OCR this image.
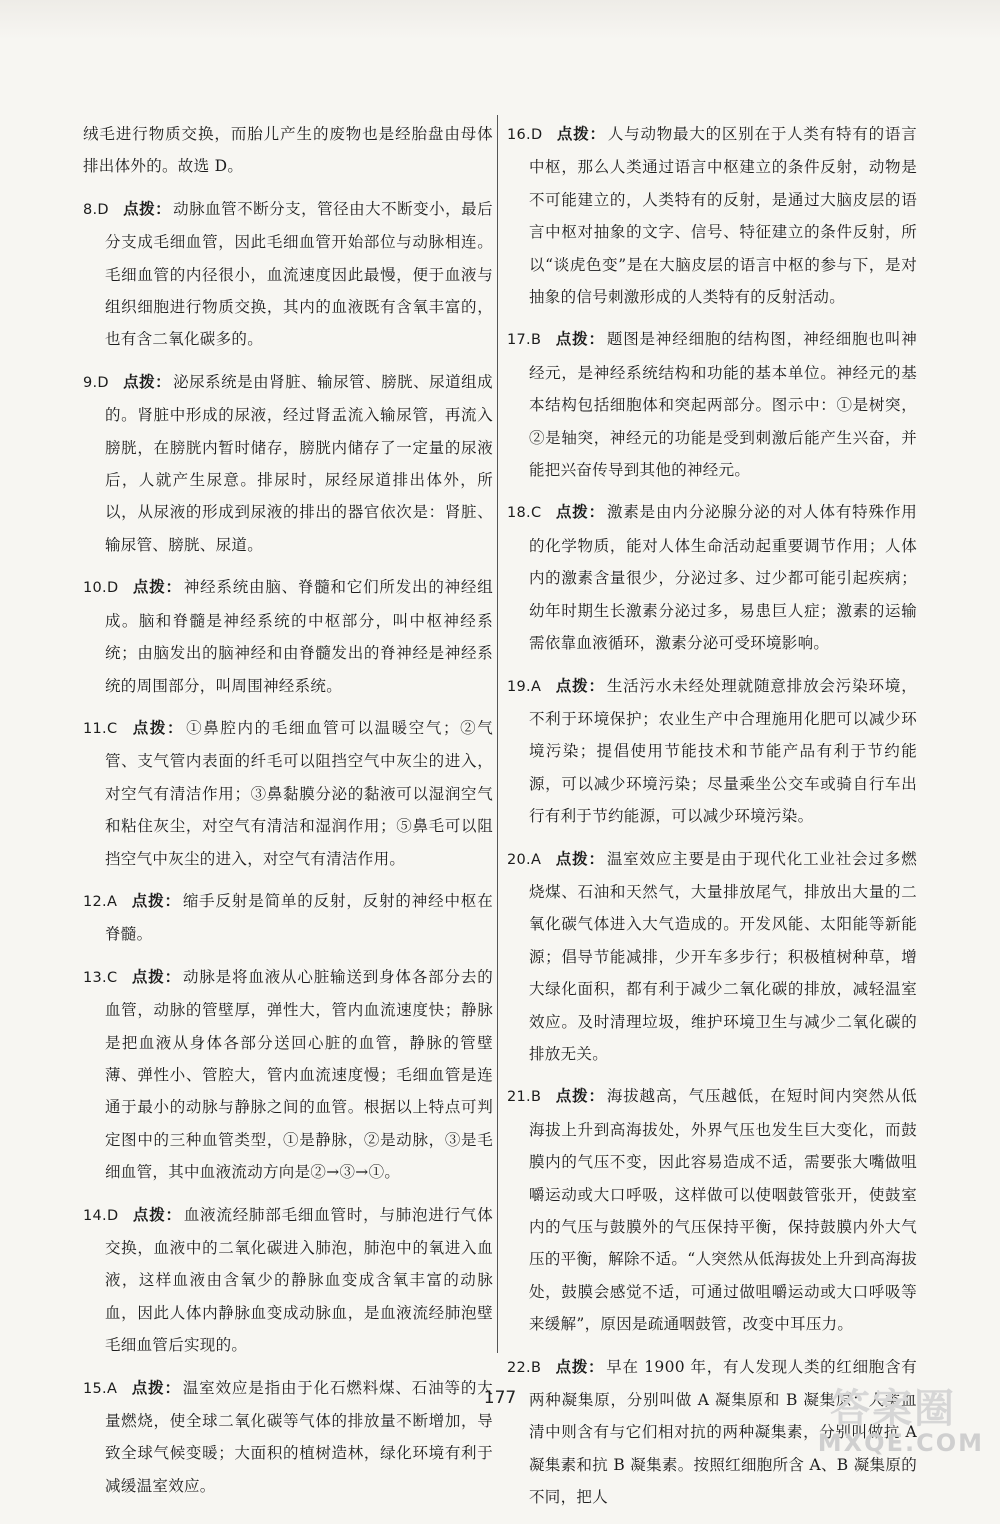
绒毛进行物质交换，而胎儿产生的废物也是经胎盘由母体排出体外的。故选 D。

8.D 点拨： 动脉血管不断分支，管径由大不断变小，最后分支成毛细血管，因此毛细血管开始部位与动脉相连。毛细血管的内径很小，血流速度因此最慢，便于血液与组织细胞进行物质交换，其内的血液既有含氧丰富的，也有含二氧化碳多的。

9.D 点拨： 泌尿系统是由肾脏、输尿管、膀胱、尿道组成的。肾脏中形成的尿液，经过肾盂流入输尿管，再流入膀胱，在膀胱内暂时储存，膀胱内储存了一定量的尿液后，人就产生尿意。排尿时，尿经尿道排出体外，所以，从尿液的形成到尿液的排出的器官依次是：肾脏、输尿管、膀胱、尿道。

10.D 点拨： 神经系统由脑、脊髓和它们所发出的神经组成。脑和脊髓是神经系统的中枢部分，叫中枢神经系统；由脑发出的脑神经和由脊髓发出的脊神经是神经系统的周围部分，叫周围神经系统。

11.C 点拨： ①鼻腔内的毛细血管可以温暖空气；②气管、支气管内表面的纤毛可以阻挡空气中灰尘的进入，对空气有清洁作用；③鼻黏膜分泌的黏液可以湿润空气和粘住灰尘，对空气有清洁和湿润作用；⑤鼻毛可以阻挡空气中灰尘的进入，对空气有清洁作用。

12.A 点拨： 缩手反射是简单的反射，反射的神经中枢在脊髓。

13.C 点拨： 动脉是将血液从心脏输送到身体各部分去的血管，动脉的管壁厚，弹性大，管内血流速度快；静脉是把血液从身体各部分送回心脏的血管，静脉的管壁薄、弹性小、管腔大，管内血流速度慢；毛细血管是连通于最小的动脉与静脉之间的血管。根据以上特点可判定图中的三种血管类型，①是静脉，②是动脉，③是毛细血管，其中血液流动方向是②→③→①。

14.D 点拨： 血液流经肺部毛细血管时，与肺泡进行气体交换，血液中的二氧化碳进入肺泡，肺泡中的氧进入血液，这样血液由含氧少的静脉血变成含氧丰富的动脉血，因此人体内静脉血变成动脉血，是血液流经肺泡壁毛细血管后实现的。

15.A 点拨： 温室效应是指由于化石燃料煤、石油等的大量燃烧，使全球二氧化碳等气体的排放量不断增加，导致全球气候变暖；大面积的植树造林，绿化环境有利于减缓温室效应。

16.D 点拨： 人与动物最大的区别在于人类有特有的语言中枢，那么人类通过语言中枢建立的条件反射，动物是不可能建立的，人类特有的反射，是通过大脑皮层的语言中枢对抽象的文字、信号、特征建立的条件反射，所以“谈虎色变”是在大脑皮层的语言中枢的参与下，是对抽象的信号刺激形成的人类特有的反射活动。

17.B 点拨： 题图是神经细胞的结构图，神经细胞也叫神经元，是神经系统结构和功能的基本单位。神经元的基本结构包括细胞体和突起两部分。图示中：①是树突，②是轴突，神经元的功能是受到刺激后能产生兴奋，并能把兴奋传导到其他的神经元。

18.C 点拨： 激素是由内分泌腺分泌的对人体有特殊作用的化学物质，能对人体生命活动起重要调节作用；人体内的激素含量很少，分泌过多、过少都可能引起疾病；幼年时期生长激素分泌过多，易患巨人症；激素的运输需依靠血液循环，激素分泌可受环境影响。

19.A 点拨： 生活污水未经处理就随意排放会污染环境，不利于环境保护；农业生产中合理施用化肥可以减少环境污染；提倡使用节能技术和节能产品有利于节约能源，可以减少环境污染；尽量乘坐公交车或骑自行车出行有利于节约能源，可以减少环境污染。

20.A 点拨： 温室效应主要是由于现代化工业社会过多燃烧煤、石油和天然气，大量排放尾气，排放出大量的二氧化碳气体进入大气造成的。开发风能、太阳能等新能源；倡导节能减排，少开车多步行；积极植树种草，增大绿化面积，都有利于减少二氧化碳的排放，减轻温室效应。及时清理垃圾，维护环境卫生与减少二氧化碳的排放无关。

21.B 点拨： 海拔越高，气压越低，在短时间内突然从低海拔上升到高海拔处，外界气压也发生巨大变化，而鼓膜内的气压不变，因此容易造成不适，需要张大嘴做咀嚼运动或大口呼吸，这样做可以使咽鼓管张开，使鼓室内的气压与鼓膜外的气压保持平衡，保持鼓膜内外大气压的平衡，解除不适。“人突然从低海拔处上升到高海拔处，鼓膜会感觉不适，可通过做咀嚼运动或大口呼吸等来缓解”，原因是疏通咽鼓管，改变中耳压力。

22.B 点拨： 早在 1900 年，有人发现人类的红细胞含有两种凝集原，分别叫做 A 凝集原和 B 凝集原；人类血清中则含有与它们相对抗的两种凝集素，分别叫做抗 A 凝集素和抗 B 凝集素。按照红细胞所含 A、B 凝集原的不同，把人

177	答案圈
MXQE.COM
